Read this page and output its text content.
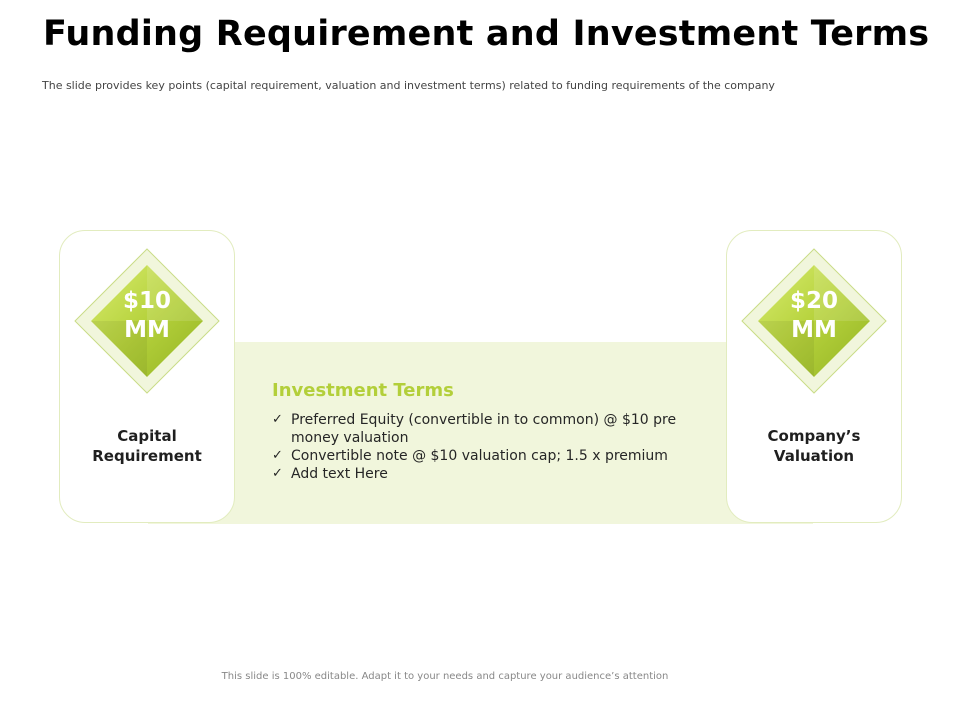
Funding Requirement and Investment Terms
The slide provides key points (capital requirement, valuation and investment terms) related to funding requirements of the company
$10
MM
Capital
Requirement
$20
MM
Company’s
Valuation
Investment Terms
✓ Preferred Equity (convertible in to common) @ $10 pre money valuation
✓ Convertible note @ $10 valuation cap; 1.5 x premium
✓ Add text Here
This slide is 100% editable. Adapt it to your needs and capture your audience’s attention
